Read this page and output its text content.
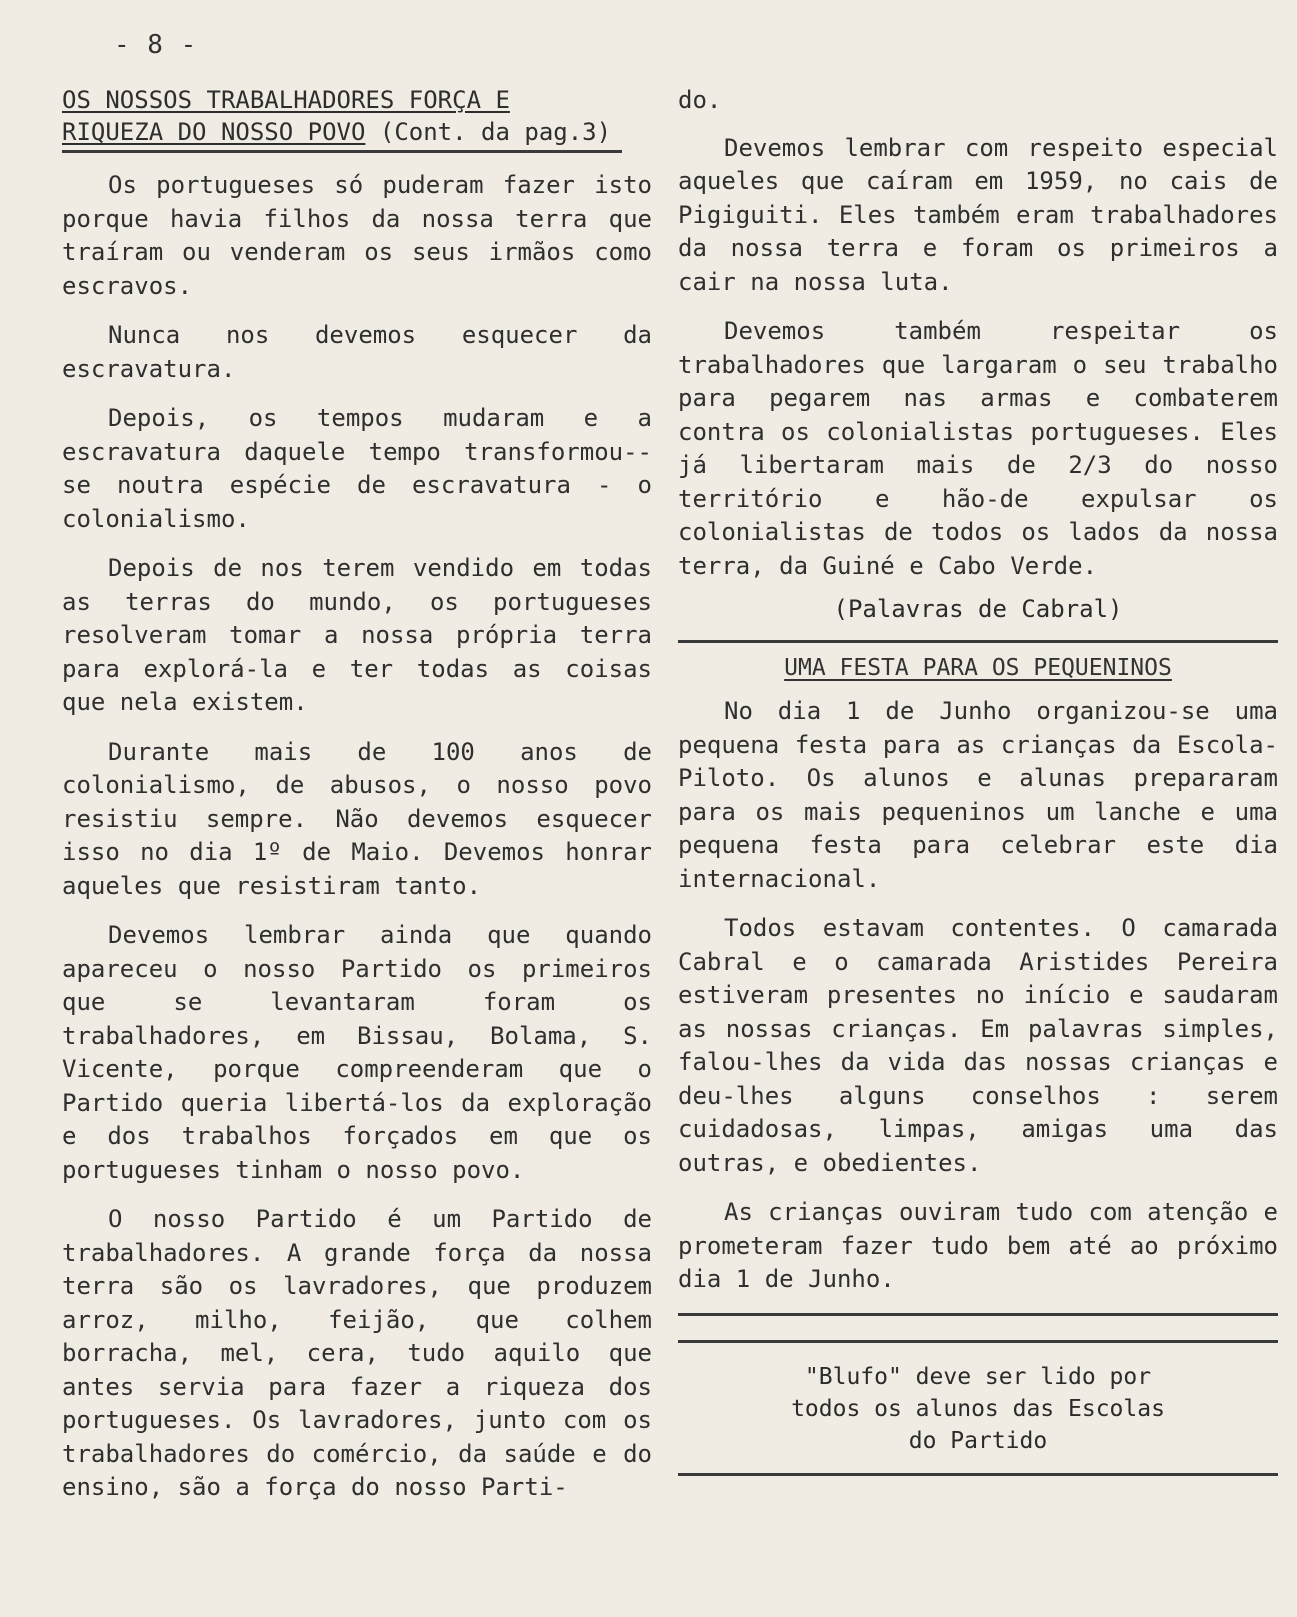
- 8 -
OS NOSSOS TRABALHADORES FORÇA E
RIQUEZA DO NOSSO POVO (Cont. da pag.3)

Os portugueses só puderam fazer isto porque havia filhos da nossa terra que traíram ou venderam os seus irmãos como escravos.

Nunca nos devemos esquecer da escravatura.

Depois, os tempos mudaram e a escravatura daquele tempo transformou--se noutra espécie de escravatura - o colonialismo.

Depois de nos terem vendido em todas as terras do mundo, os portugueses resolveram tomar a nossa própria terra para explorá-la e ter todas as coisas que nela existem.

Durante mais de 100 anos de colonialismo, de abusos, o nosso povo resistiu sempre. Não devemos esquecer isso no dia 1º de Maio. Devemos honrar aqueles que resistiram tanto.

Devemos lembrar ainda que quando apareceu o nosso Partido os primeiros que se levantaram foram os trabalhadores, em Bissau, Bolama, S. Vicente, porque compreenderam que o Partido queria libertá-los da exploração e dos trabalhos forçados em que os portugueses tinham o nosso povo.

O nosso Partido é um Partido de trabalhadores. A grande força da nossa terra são os lavradores, que produzem arroz, milho, feijão, que colhem borracha, mel, cera, tudo aquilo que antes servia para fazer a riqueza dos portugueses. Os lavradores, junto com os trabalhadores do comércio, da saúde e do ensino, são a força do nosso Parti-

do.

Devemos lembrar com respeito especial aqueles que caíram em 1959, no cais de Pigiguiti. Eles também eram trabalhadores da nossa terra e foram os primeiros a cair na nossa luta.

Devemos também respeitar os trabalhadores que largaram o seu trabalho para pegarem nas armas e combaterem contra os colonialistas portugueses. Eles já libertaram mais de 2/3 do nosso território e hão-de expulsar os colonialistas de todos os lados da nossa terra, da Guiné e Cabo Verde.

(Palavras de Cabral)
UMA FESTA PARA OS PEQUENINOS

No dia 1 de Junho organizou-se uma pequena festa para as crianças da Escola-Piloto. Os alunos e alunas prepararam para os mais pequeninos um lanche e uma pequena festa para celebrar este dia internacional.

Todos estavam contentes. O camarada Cabral e o camarada Aristides Pereira estiveram presentes no início e saudaram as nossas crianças. Em palavras simples, falou-lhes da vida das nossas crianças e deu-lhes alguns conselhos : serem cuidadosas, limpas, amigas uma das outras, e obedientes.

As crianças ouviram tudo com atenção e prometeram fazer tudo bem até ao próximo dia 1 de Junho.

"Blufo" deve ser lido por
todos os alunos das Escolas
do Partido
